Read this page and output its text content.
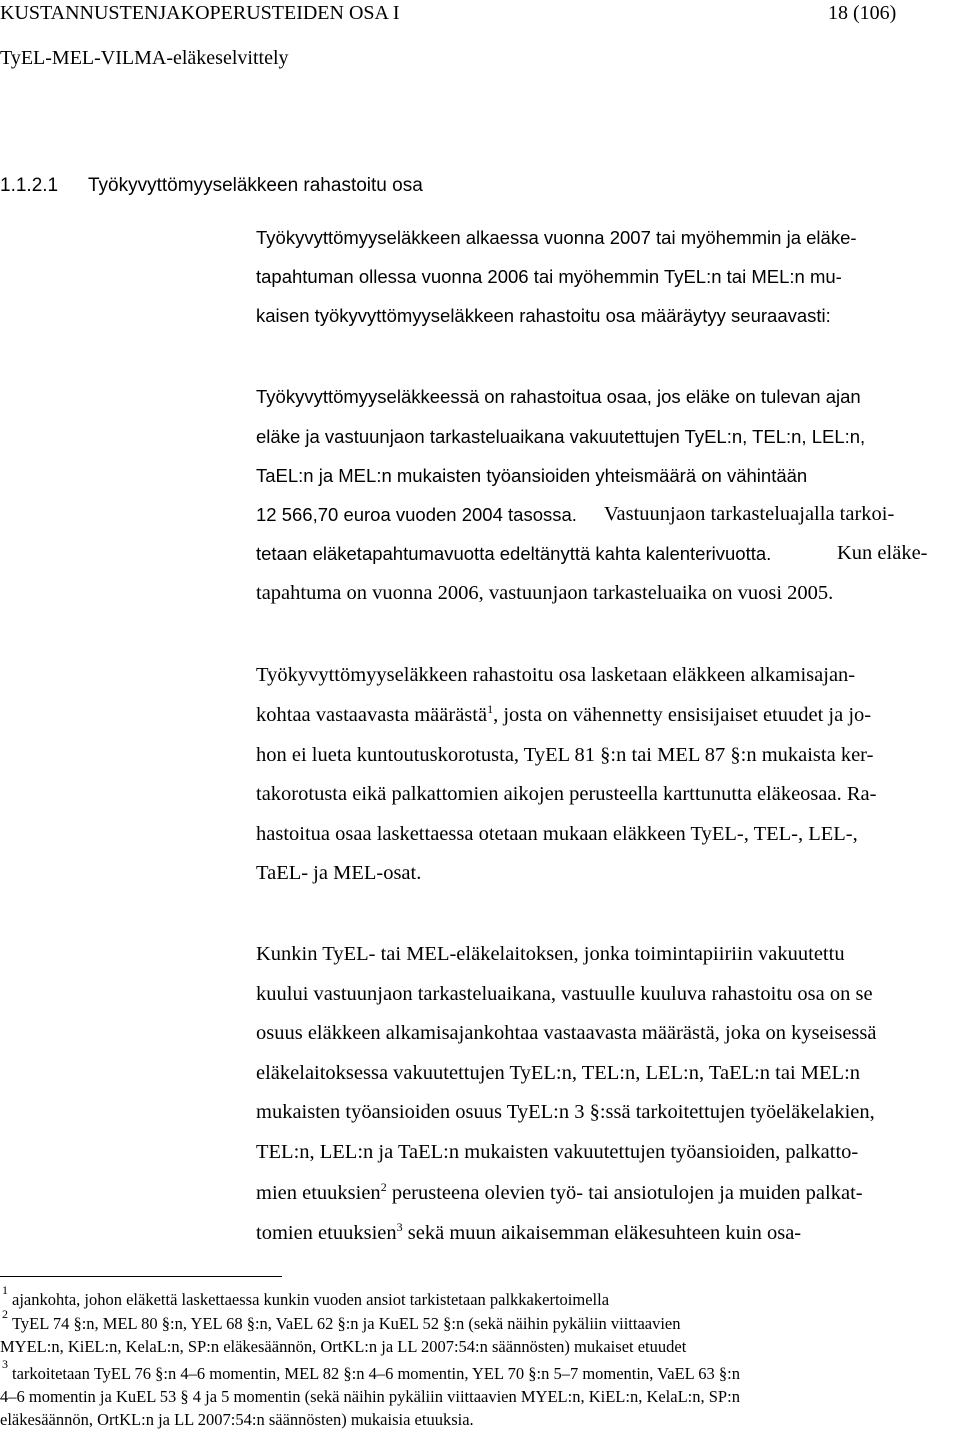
KUSTANNUSTENJAKOPERUSTEIDEN OSA I	18 (106)
TyEL-MEL-VILMA-eläkeselvittely
1.1.2.1 Työkyvyttömyyseläkkeen rahastoitu osa
Työkyvyttömyyseläkkeen alkaessa vuonna 2007 tai myöhemmin ja eläke-
tapahtuman ollessa vuonna 2006 tai myöhemmin TyEL:n tai MEL:n mu-
kaisen työkyvyttömyyseläkkeen rahastoitu osa määräytyy seuraavasti:
Työkyvyttömyyseläkkeessä on rahastoitua osaa, jos eläke on tulevan ajan
eläke ja vastuunjaon tarkasteluaikana vakuutettujen TyEL:n, TEL:n, LEL:n,
TaEL:n ja MEL:n mukaisten työansioiden yhteismäärä on vähintään
12 566,70 euroa vuoden 2004 tasossa. Vastuunjaon tarkasteluajalla tarkoi-
tetaan eläketapahtumavuotta edeltänyttä kahta kalenterivuotta.	Kun eläke-
tapahtuma on vuonna 2006, vastuunjaon tarkasteluaika on vuosi 2005.
Työkyvyttömyyseläkkeen rahastoitu osa lasketaan eläkkeen alkamisajan-
kohtaa vastaavasta määrästä$^1$, josta on vähennetty ensisijaiset etuudet ja jo-
hon ei lueta kuntoutuskorotusta, TyEL 81 §:n tai MEL 87 §:n mukaista ker-
takorotusta eikä palkattomien aikojen perusteella karttunutta eläkeosaa. Ra-
hastoitua osaa laskettaessa otetaan mukaan eläkkeen TyEL-, TEL-, LEL-,
TaEL- ja MEL-osat.
Kunkin TyEL- tai MEL-eläkelaitoksen, jonka toimintapiiriin vakuutettu
kuului vastuunjaon tarkasteluaikana, vastuulle kuuluva rahastoitu osa on se
osuus eläkkeen alkamisajankohtaa vastaavasta määrästä, joka on kyseisessä
eläkelaitoksessa vakuutettujen TyEL:n, TEL:n, LEL:n, TaEL:n tai MEL:n
mukaisten työansioiden osuus TyEL:n 3 §:ssä tarkoitettujen työeläkelakien,
TEL:n, LEL:n ja TaEL:n mukaisten vakuutettujen työansioiden, palkatto-
mien etuuksien$^2$ perusteena olevien työ- tai ansiotulojen ja muiden palkat-
tomien etuuksien$^3$ sekä muun aikaisemman eläkesuhteen kuin osa-
1 ajankohta, johon eläkettä laskettaessa kunkin vuoden ansiot tarkistetaan palkkakertoimella
2 TyEL 74 §:n, MEL 80 §:n, YEL 68 §:n, VaEL 62 §:n ja KuEL 52 §:n (sekä näihin pykäliin viittaavien
MYEL:n, KiEL:n, KelaL:n, SP:n eläkesäännön, OrtKL:n ja LL 2007:54:n säännösten) mukaiset etuudet
3 tarkoitetaan TyEL 76 §:n 4–6 momentin, MEL 82 §:n 4–6 momentin, YEL 70 §:n 5–7 momentin, VaEL 63 §:n
4–6 momentin ja KuEL 53 § 4 ja 5 momentin (sekä näihin pykäliin viittaavien MYEL:n, KiEL:n, KelaL:n, SP:n
eläkesäännön, OrtKL:n ja LL 2007:54:n säännösten) mukaisia etuuksia.
